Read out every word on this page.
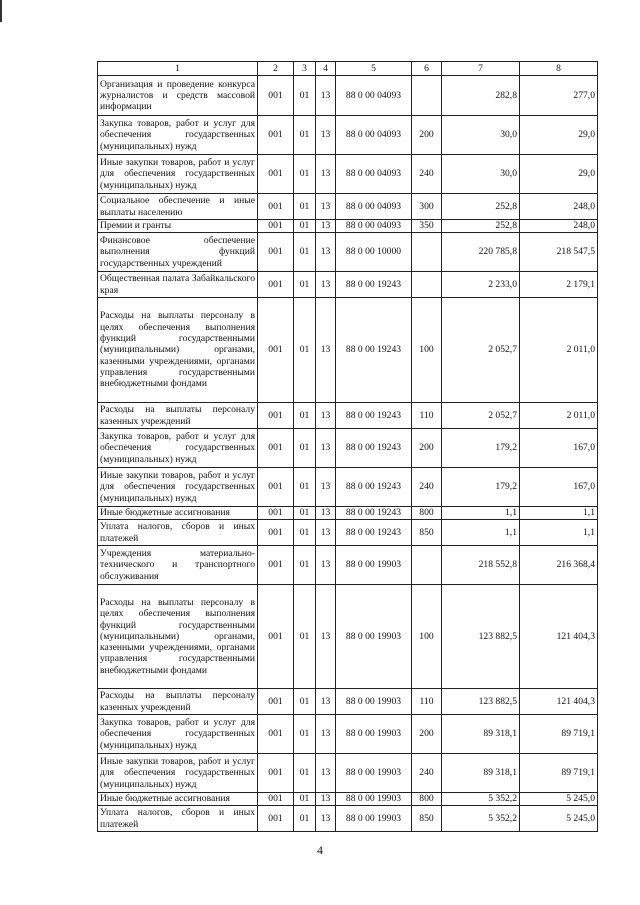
1	2	3	4	5	6	7	8
Организация и проведение конкурса журналистов и средств массовой информации	001	01	13	88 0 00 04093		282,8	277,0
Закупка товаров, работ и услуг для обеспечения государственных (муниципальных) нужд	001	01	13	88 0 00 04093	200	30,0	29,0
Иные закупки товаров, работ и услуг для обеспечения государственных (муниципальных) нужд	001	01	13	88 0 00 04093	240	30,0	29,0
Социальное обеспечение и иные выплаты населению	001	01	13	88 0 00 04093	300	252,8	248,0
Премии и гранты	001	01	13	88 0 00 04093	350	252,8	248,0
Финансовое обеспечение выполнения функций государственных учреждений	001	01	13	88 0 00 10000		220 785,8	218 547,5
Общественная палата Забайкальского края	001	01	13	88 0 00 19243		2 233,0	2 179,1
Расходы на выплаты персоналу в целях обеспечения выполнения функций государственными (муниципальными) органами, казенными учреждениями, органами управления государственными внебюджетными фондами	001	01	13	88 0 00 19243	100	2 052,7	2 011,0
Расходы на выплаты персоналу казенных учреждений	001	01	13	88 0 00 19243	110	2 052,7	2 011,0
Закупка товаров, работ и услуг для обеспечения государственных (муниципальных) нужд	001	01	13	88 0 00 19243	200	179,2	167,0
Иные закупки товаров, работ и услуг для обеспечения государственных (муниципальных) нужд	001	01	13	88 0 00 19243	240	179,2	167,0
Иные бюджетные ассигнования	001	01	13	88 0 00 19243	800	1,1	1,1
Уплата налогов, сборов и иных платежей	001	01	13	88 0 00 19243	850	1,1	1,1
Учреждения материально-технического и транспортного обслуживания	001	01	13	88 0 00 19903		218 552,8	216 368,4
Расходы на выплаты персоналу в целях обеспечения выполнения функций государственными (муниципальными) органами, казенными учреждениями, органами управления государственными внебюджетными фондами	001	01	13	88 0 00 19903	100	123 882,5	121 404,3
Расходы на выплаты персоналу казенных учреждений	001	01	13	88 0 00 19903	110	123 882,5	121 404,3
Закупка товаров, работ и услуг для обеспечения государственных (муниципальных) нужд	001	01	13	88 0 00 19903	200	89 318,1	89 719,1
Иные закупки товаров, работ и услуг для обеспечения государственных (муниципальных) нужд	001	01	13	88 0 00 19903	240	89 318,1	89 719,1
Иные бюджетные ассигнования	001	01	13	88 0 00 19903	800	5 352,2	5 245,0
Уплата налогов, сборов и иных платежей	001	01	13	88 0 00 19903	850	5 352,2	5 245,0
4
